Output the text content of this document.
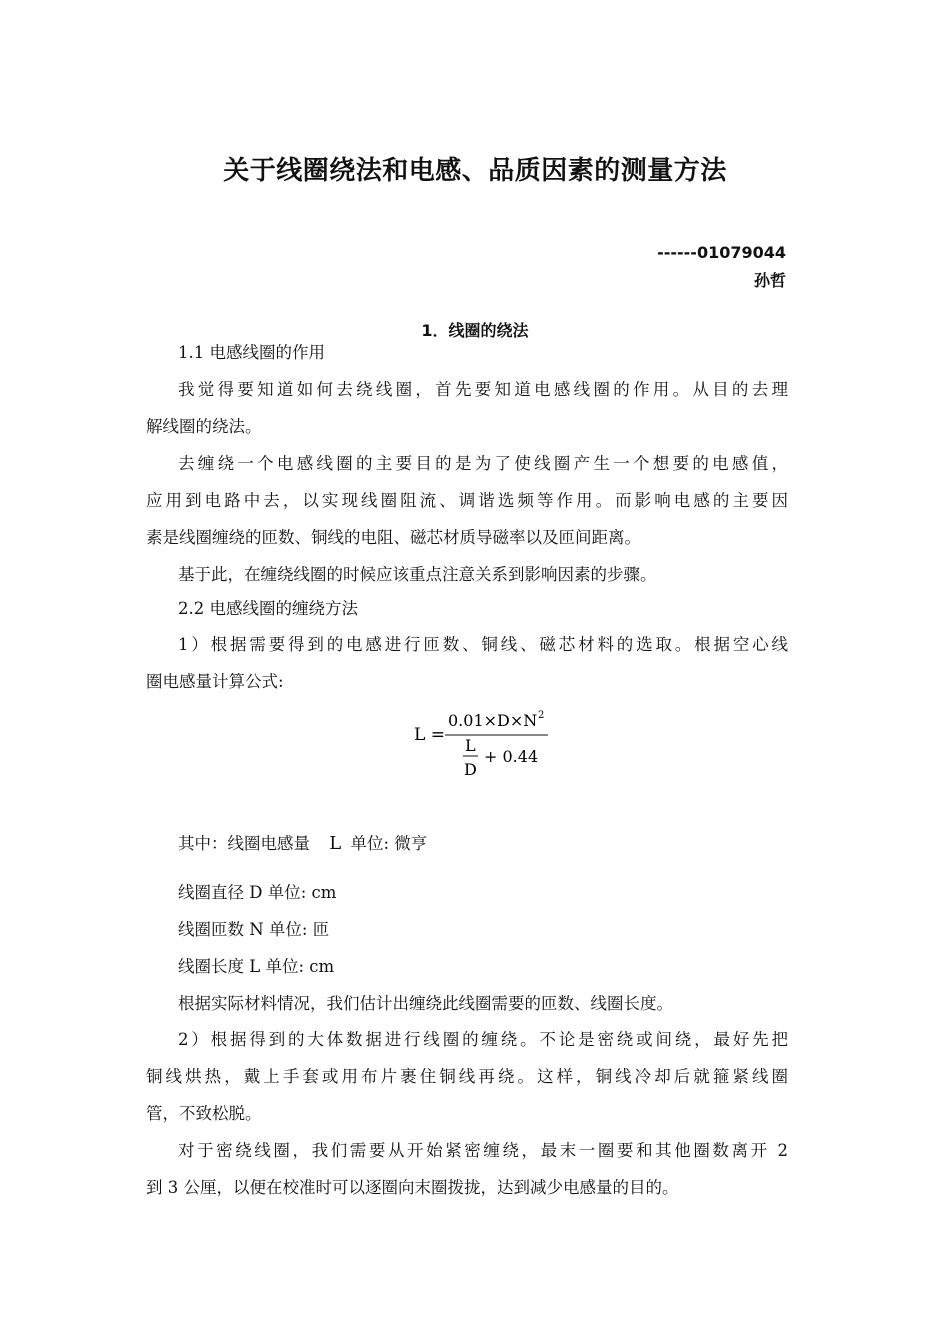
关于线圈绕法和电感、品质因素的测量方法
------01079044
孙哲
1．线圈的绕法
1.1 电感线圈的作用
我觉得要知道如何去绕线圈，首先要知道电感线圈的作用。从目的去理
解线圈的绕法。
去缠绕一个电感线圈的主要目的是为了使线圈产生一个想要的电感值，
应用到电路中去，以实现线圈阻流、调谐选频等作用。而影响电感的主要因
素是线圈缠绕的匝数、铜线的电阻、磁芯材质导磁率以及匝间距离。
基于此，在缠绕线圈的时候应该重点注意关系到影响因素的步骤。
2.2 电感线圈的缠绕方法
1）根据需要得到的电感进行匝数、铜线、磁芯材料的选取。根据空心线
圈电感量计算公式:
L =
0.01×D×N 2
L
D
+ 0.44
其中：线圈电感量 L 单位: 微亨
线圈直径 D 单位: cm
线圈匝数 N 单位: 匝
线圈长度 L 单位: cm
根据实际材料情况，我们估计出缠绕此线圈需要的匝数、线圈长度。
2）根据得到的大体数据进行线圈的缠绕。不论是密绕或间绕，最好先把
铜线烘热，戴上手套或用布片裹住铜线再绕。这样，铜线冷却后就箍紧线圈
管，不致松脱。
对于密绕线圈，我们需要从开始紧密缠绕，最末一圈要和其他圈数离开 2
到 3 公厘，以便在校准时可以逐圈向末圈拨拢，达到减少电感量的目的。
